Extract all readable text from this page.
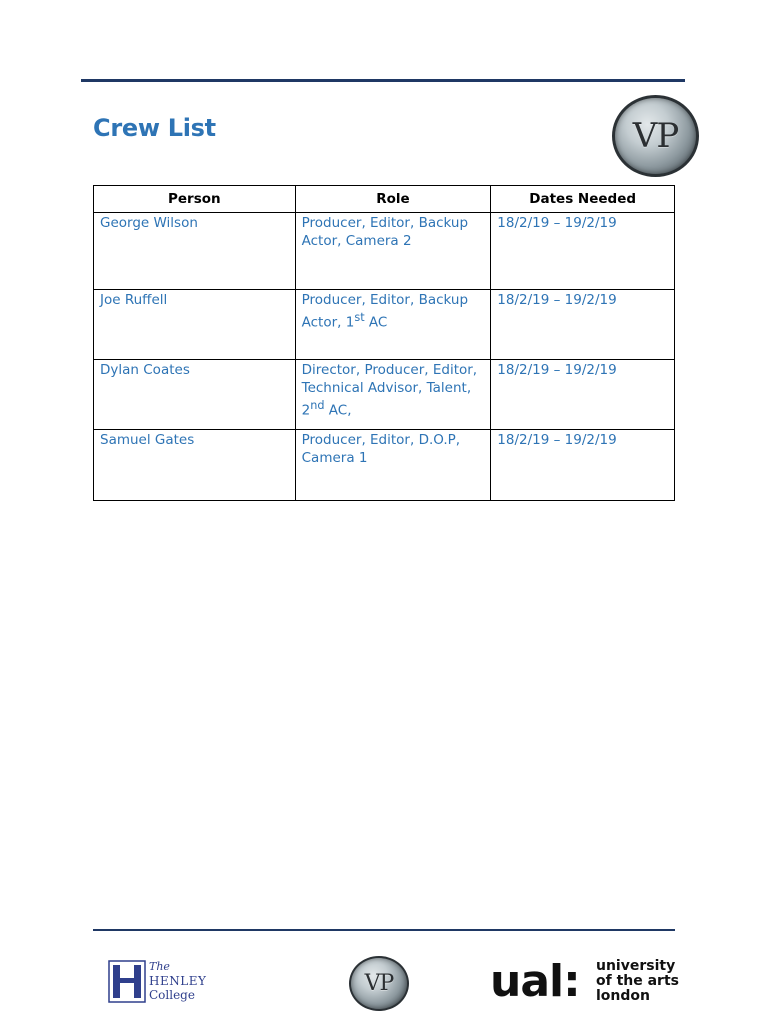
Crew List	VP
Person	Role	Dates Needed
George Wilson	Producer, Editor, Backup Actor, Camera 2	18/2/19 – 19/2/19
Joe Ruffell	Producer, Editor, Backup Actor, 1st AC	18/2/19 – 19/2/19
Dylan Coates	Director, Producer, Editor, Technical Advisor, Talent, 2nd AC,	18/2/19 – 19/2/19
Samuel Gates	Producer, Editor, D.O.P, Camera 1	18/2/19 – 19/2/19
The
HENLEY
College	VP ual: university
of the arts
london
